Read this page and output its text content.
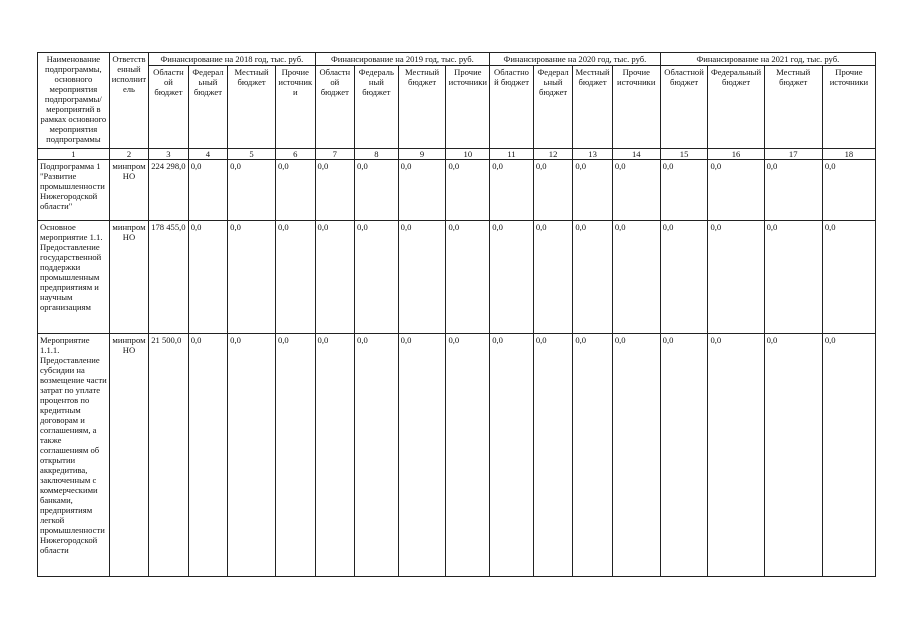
Наименование подпрограммы, основного мероприятия подпрограммы/ мероприятий в рамках основного мероприятия подпрограммы	Ответственный исполнитель	Финансирование на 2018 год, тыс. руб.				Финансирование на 2019 год, тыс. руб.				Финансирование на 2020 год, тыс. руб.				Финансирование на 2021 год, тыс. руб.			
		Областной бюджет	Федеральный бюджет	Местный бюджет	Прочие источники	Областной бюджет	Федеральный бюджет	Местный бюджет	Прочие источники	Областной бюджет	Федеральный бюджет	Местный бюджет	Прочие источники	Областной бюджет	Федеральный бюджет	Местный бюджет	Прочие источники
1	2	3	4	5	6	7	8	9	10	11	12	13	14	15	16	17	18
Подпрограмма 1 "Развитие промышленности Нижегородской области"	минпром НО	224 298,0	0,0	0,0	0,0	0,0	0,0	0,0	0,0	0,0	0,0	0,0	0,0	0,0	0,0	0,0	0,0
Основное мероприятие 1.1. Предоставление государственной поддержки промышленным предприятиям и научным организациям	минпром НО	178 455,0	0,0	0,0	0,0	0,0	0,0	0,0	0,0	0,0	0,0	0,0	0,0	0,0	0,0	0,0	0,0
Мероприятие 1.1.1. Предоставление субсидии на возмещение части затрат по уплате процентов по кредитным договорам и соглашениям, а также соглашениям об открытии аккредитива, заключенным с коммерческими банками, предприятиям легкой промышленности Нижегородской области	минпром НО	21 500,0	0,0	0,0	0,0	0,0	0,0	0,0	0,0	0,0	0,0	0,0	0,0	0,0	0,0	0,0	0,0
